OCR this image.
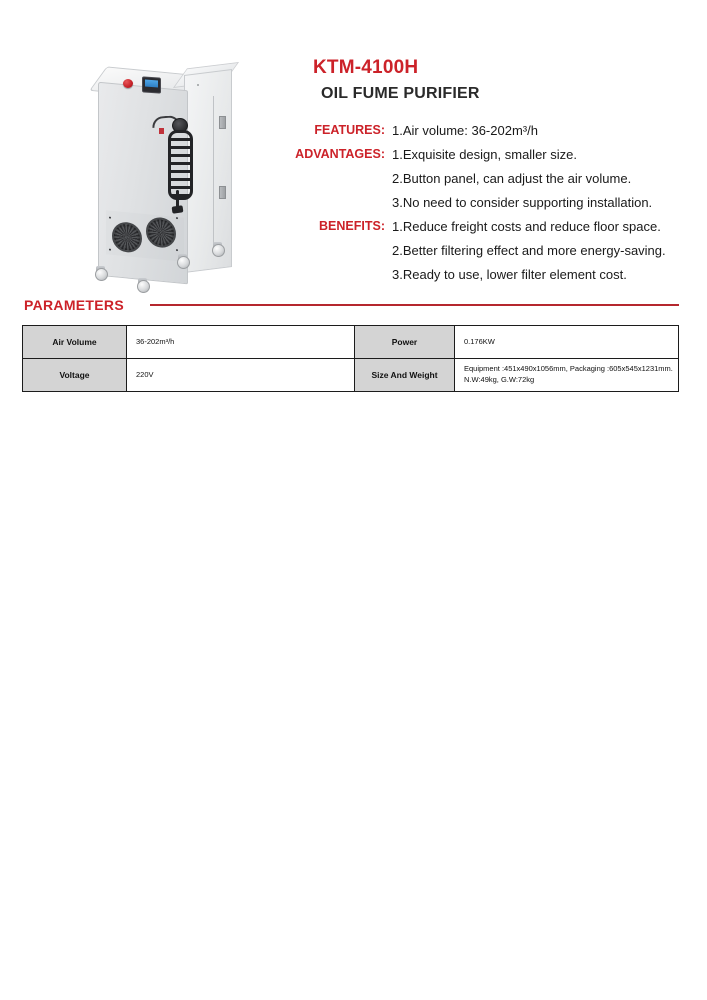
KTM-4100H
OIL FUME PURIFIER
FEATURES: 1.Air volume: 36-202m³/h
ADVANTAGES: 1.Exquisite design, smaller size.
2.Button panel, can adjust the air volume.
3.No need to consider supporting installation.
BENEFITS: 1.Reduce freight costs and reduce floor space.
2.Better filtering effect and more energy-saving.
3.Ready to use, lower filter element cost.
PARAMETERS
Air Volume	36-202m³/h	Power	0.176KW
Voltage	220V	Size And Weight	Equipment :451x490x1056mm, Packaging :605x545x1231mm. N.W:49kg, G.W:72kg
